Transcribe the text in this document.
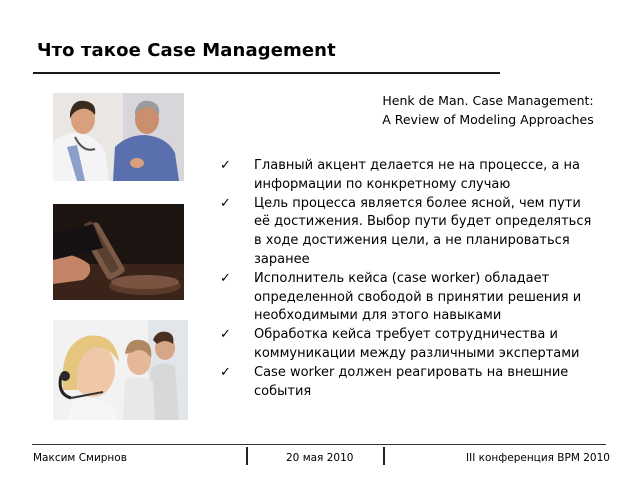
Что такое Case Management
Henk de Man. Case Management:
A Review of Modeling Approaches
✓ Главный акцент делается не на процессе, а на
информации по конкретному случаю
✓ Цель процесса является более ясной, чем пути
её достижения. Выбор пути будет определяться
в ходе достижения цели, а не планироваться
заранее
✓ Исполнитель кейса (case worker) обладает
определенной свободой в принятии решения и
необходимыми для этого навыками
✓ Обработка кейса требует сотрудничества и
коммуникации между различными экспертами
✓ Case worker должен реагировать на внешние
события
Максим Смирнов	20 мая 2010	III конференция BPM 2010
